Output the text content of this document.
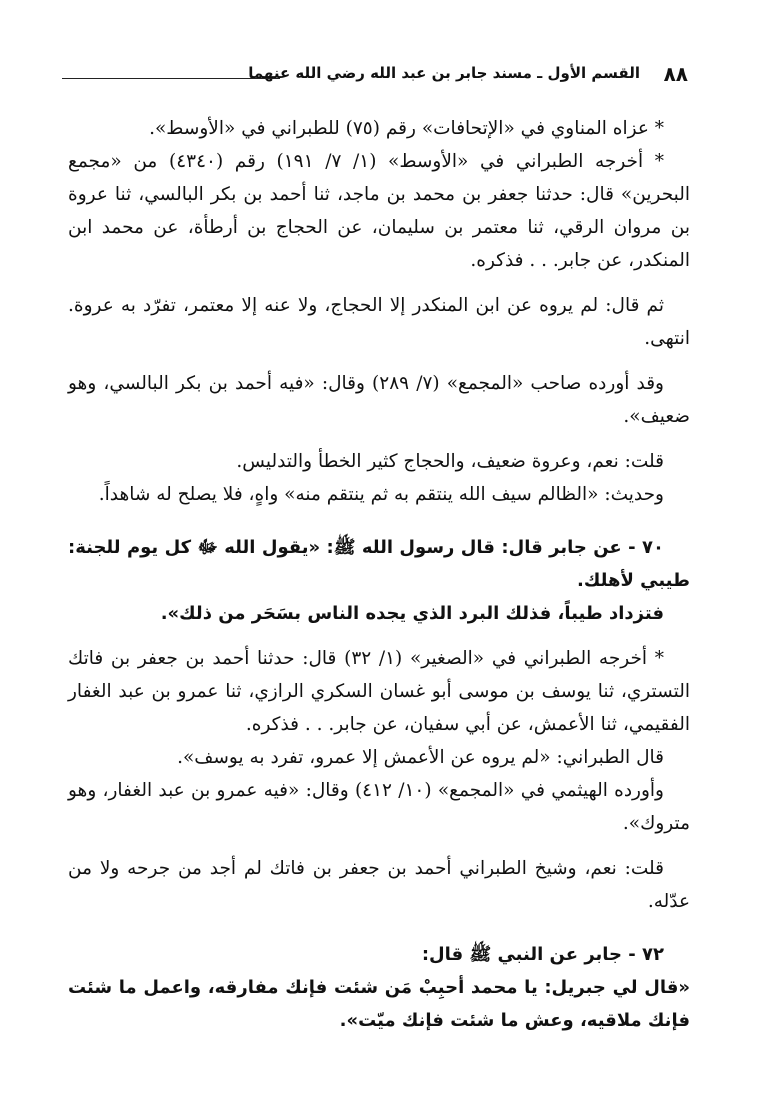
٨٨
القسم الأول ـ مسند جابر بن عبد الله رضي الله عنهما

* عزاه المناوي في «الإتحافات» رقم (٧٥) للطبراني في «الأوسط».

* أخرجه الطبراني في «الأوسط» (١/ ٧/ ١٩١) رقم (٤٣٤٠) من «مجمع البحرين» قال: حدثنا جعفر بن محمد بن ماجد، ثنا أحمد بن بكر البالسي، ثنا عروة بن مروان الرقي، ثنا معتمر بن سليمان، عن الحجاج بن أرطأة، عن محمد ابن المنكدر، عن جابر. . . فذكره.

ثم قال: لم يروه عن ابن المنكدر إلا الحجاج، ولا عنه إلا معتمر، تفرّد به عروة. انتهى.

وقد أورده صاحب «المجمع» (٧/ ٢٨٩) وقال: «فيه أحمد بن بكر البالسي، وهو ضعيف».

قلت: نعم، وعروة ضعيف، والحجاج كثير الخطأ والتدليس.

وحديث: «الظالم سيف الله ينتقم به ثم ينتقم منه» واهٍ، فلا يصلح له شاهداً.

٧٠ - عن جابر قال: قال رسول الله ﷺ: «يقول الله ﷻ كل يوم للجنة: طيبي لأهلك.

فتزداد طيباً، فذلك البرد الذي يجده الناس بسَحَر من ذلك».

* أخرجه الطبراني في «الصغير» (١/ ٣٢) قال: حدثنا أحمد بن جعفر بن فاتك التستري، ثنا يوسف بن موسى أبو غسان السكري الرازي، ثنا عمرو بن عبد الغفار الفقيمي، ثنا الأعمش، عن أبي سفيان، عن جابر. . . فذكره.

قال الطبراني: «لم يروه عن الأعمش إلا عمرو، تفرد به يوسف».

وأورده الهيثمي في «المجمع» (١٠/ ٤١٢) وقال: «فيه عمرو بن عبد الغفار، وهو متروك».

قلت: نعم، وشيخ الطبراني أحمد بن جعفر بن فاتك لم أجد من جرحه ولا من عدّله.

٧٢ - جابر عن النبي ﷺ قال:

«قال لي جبريل: يا محمد أحبِبْ مَن شئت فإنك مفارقه، واعمل ما شئت فإنك ملاقيه، وعش ما شئت فإنك ميّت».
